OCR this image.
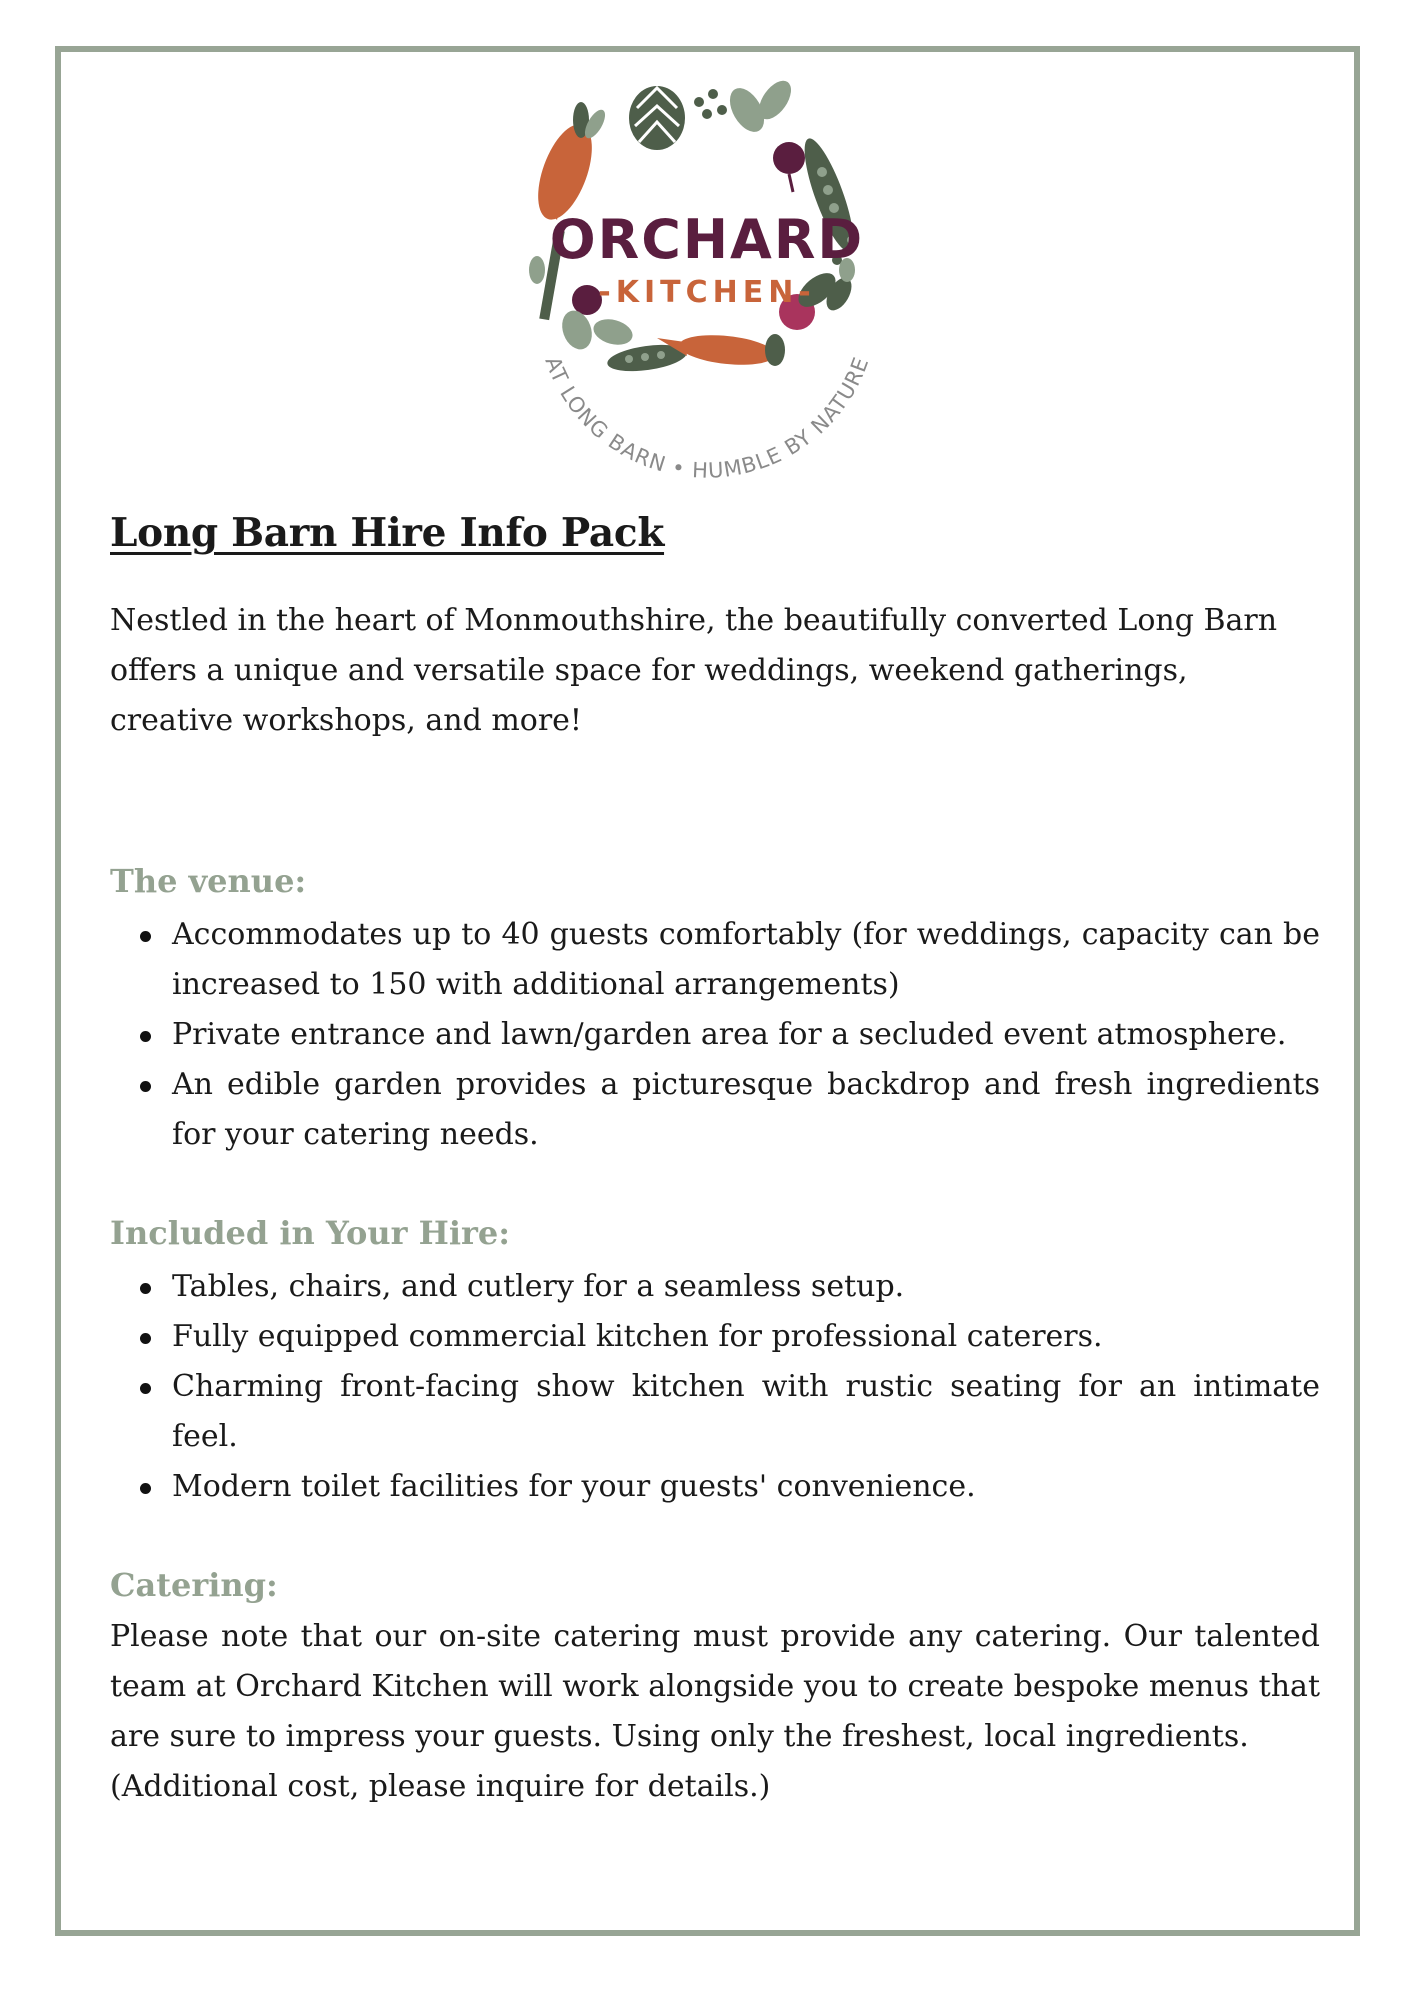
ORCHARD
-KITCHEN-
AT LONG BARN • HUMBLE BY NATURE
Long Barn Hire Info Pack

Nestled in the heart of Monmouthshire, the beautifully converted Long Barn offers a unique and versatile space for weddings, weekend gatherings, creative workshops, and more!

The venue:
Accommodates up to 40 guests comfortably (for weddings, capacity can be increased to 150 with additional arrangements)
Private entrance and lawn/garden area for a secluded event atmosphere.
An edible garden provides a picturesque backdrop and fresh ingredients for your catering needs.
Included in Your Hire:
Tables, chairs, and cutlery for a seamless setup.
Fully equipped commercial kitchen for professional caterers.
Charming front-facing show kitchen with rustic seating for an intimate feel.
Modern toilet facilities for your guests' convenience.
Catering:

Please note that our on-site catering must provide any catering. Our talented team at Orchard Kitchen will work alongside you to create bespoke menus that are sure to impress your guests. Using only the freshest, local ingredients.

(Additional cost, please inquire for details.)
